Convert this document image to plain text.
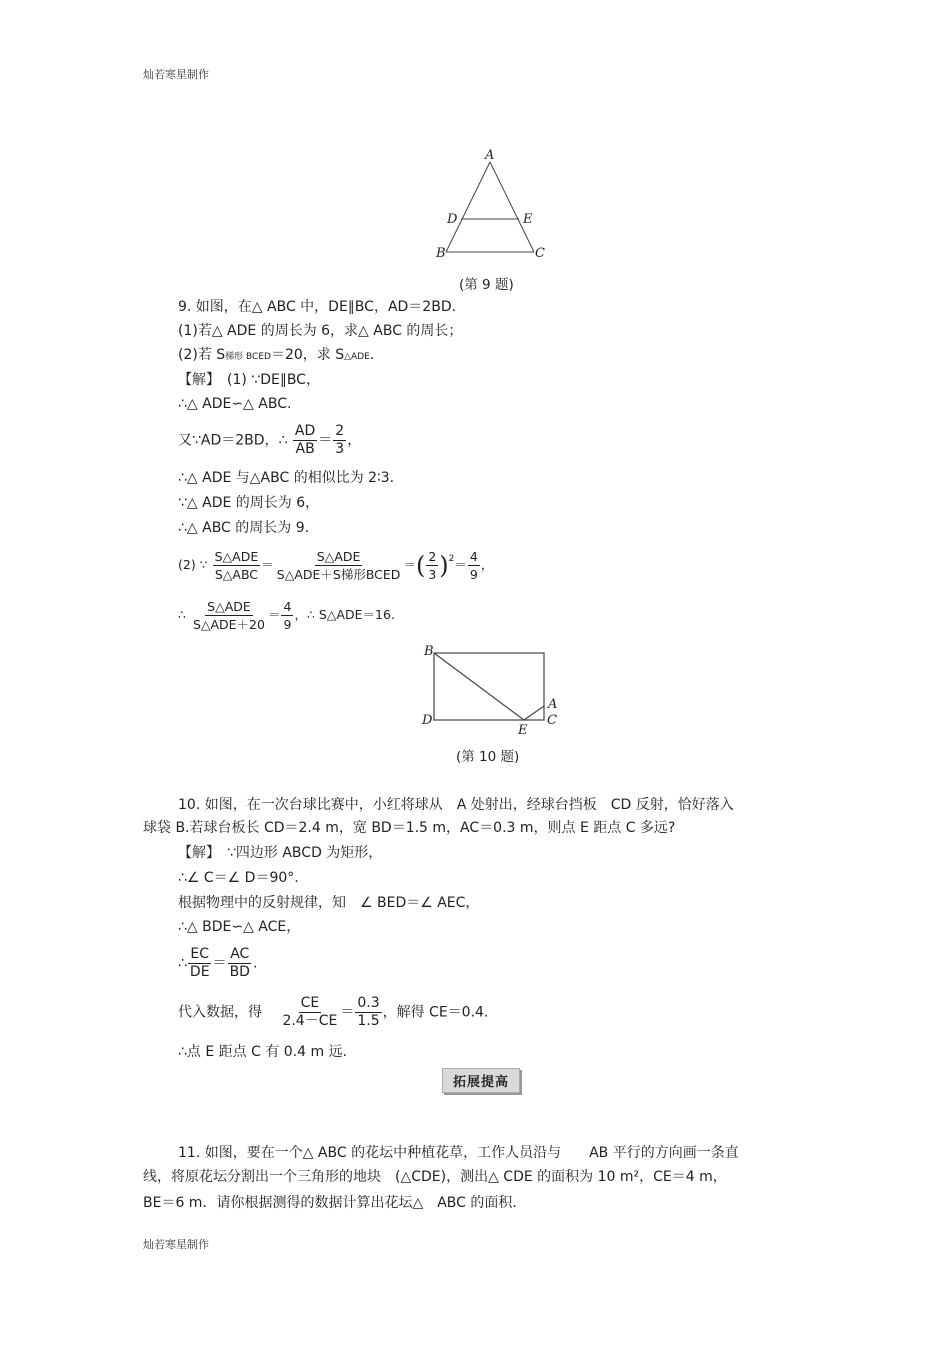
灿若寒星制作
A
D	E
B	C
(第 9 题)
9. 如图，在△ ABC 中，DE∥BC，AD＝2BD.
(1)若△ ADE 的周长为 6，求△ ABC 的周长；
(2)若 S梯形 BCED＝20，求 S△ADE.
【解】　(1) ∵DE∥BC，
∴△ ADE∽△ ABC.
又∵AD＝2BD，∴ $\frac{AD}{AB} = \frac{2}{3}$ ，
∴△ ADE 与△ABC 的相似比为 2∶3.
∵△ ADE 的周长为 6，
∴△ ABC 的周长为 9.
(2) ∵ $\frac{\text{S△ADE}}{\text{S△ABC}} = \frac{\text{S△ADE}}{\text{S△ADE＋S梯形BCED}}$ ＝( $\frac{2}{3} )^2= \frac{4}{9}$ ，
∴ $\frac{\text{S△ADE}}{\text{S△ADE＋20}} = \frac{4}{9}$ ，∴ S△ADE＝16.
B
D
E
A
C
(第 10 题)
10. 如图，在一次台球比赛中，小红将球从　A 处射出，经球台挡板　CD 反射，恰好落入
球袋 B.若球台板长 CD＝2.4 m，宽 BD＝1.5 m，AC＝0.3 m，则点 E 距点 C 多远?
【解】　∵四边形 ABCD 为矩形，
∴∠ C＝∠ D＝90°.
根据物理中的反射规律，知　∠ BED＝∠ AEC，
∴△ BDE∽△ ACE，
∴ $\frac{EC}{DE} = \frac{AC}{BD}$ .
代入数据，得 $\frac{CE}{2.4-CE} = \frac{0.3}{1.5}$ ，解得 CE＝0.4.
∴点 E 距点 C 有 0.4 m 远.
拓展提高
11. 如图，要在一个△ ABC 的花坛中种植花草，工作人员沿与　　AB 平行的方向画一条直
线，将原花坛分割出一个三角形的地块　(△CDE)，测出△ CDE 的面积为 10 m²，CE＝4 m，
BE＝6 m．请你根据测得的数据计算出花坛△　ABC 的面积.
灿若寒星制作
